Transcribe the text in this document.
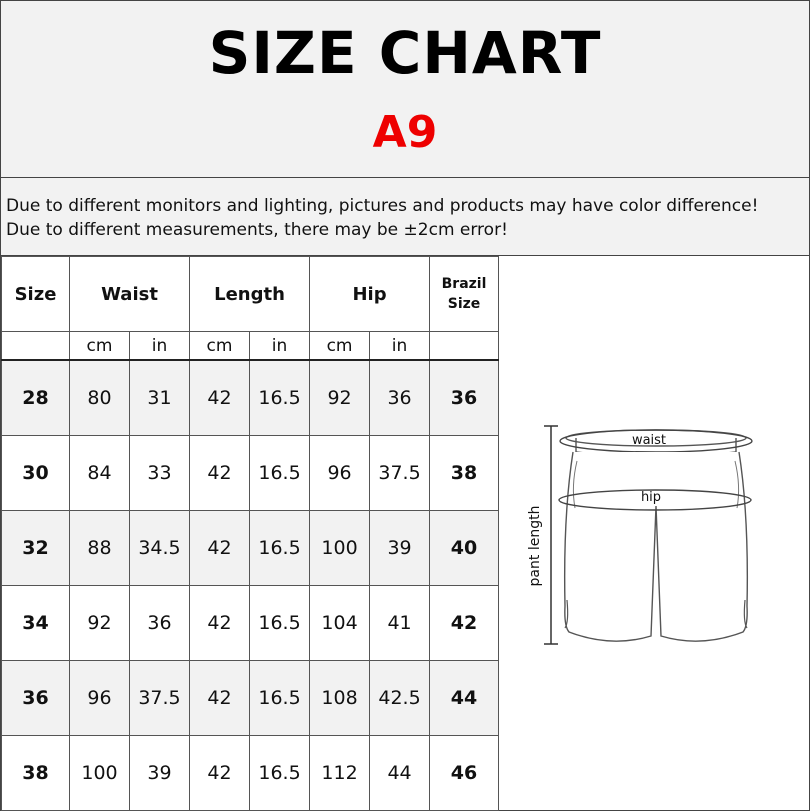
SIZE CHART
A9
Due to different monitors and lighting, pictures and products may have color difference!
Due to different measurements, there may be ±2cm error!
Size	Waist		Length		Hip		Brazil
Size
	cm	in	cm	in	cm	in	
28	80	31	42	16.5	92	36	36
30	84	33	42	16.5	96	37.5	38
32	88	34.5	42	16.5	100	39	40
34	92	36	42	16.5	104	41	42
36	96	37.5	42	16.5	108	42.5	44
38	100	39	42	16.5	112	44	46
pant length
waist
hip
